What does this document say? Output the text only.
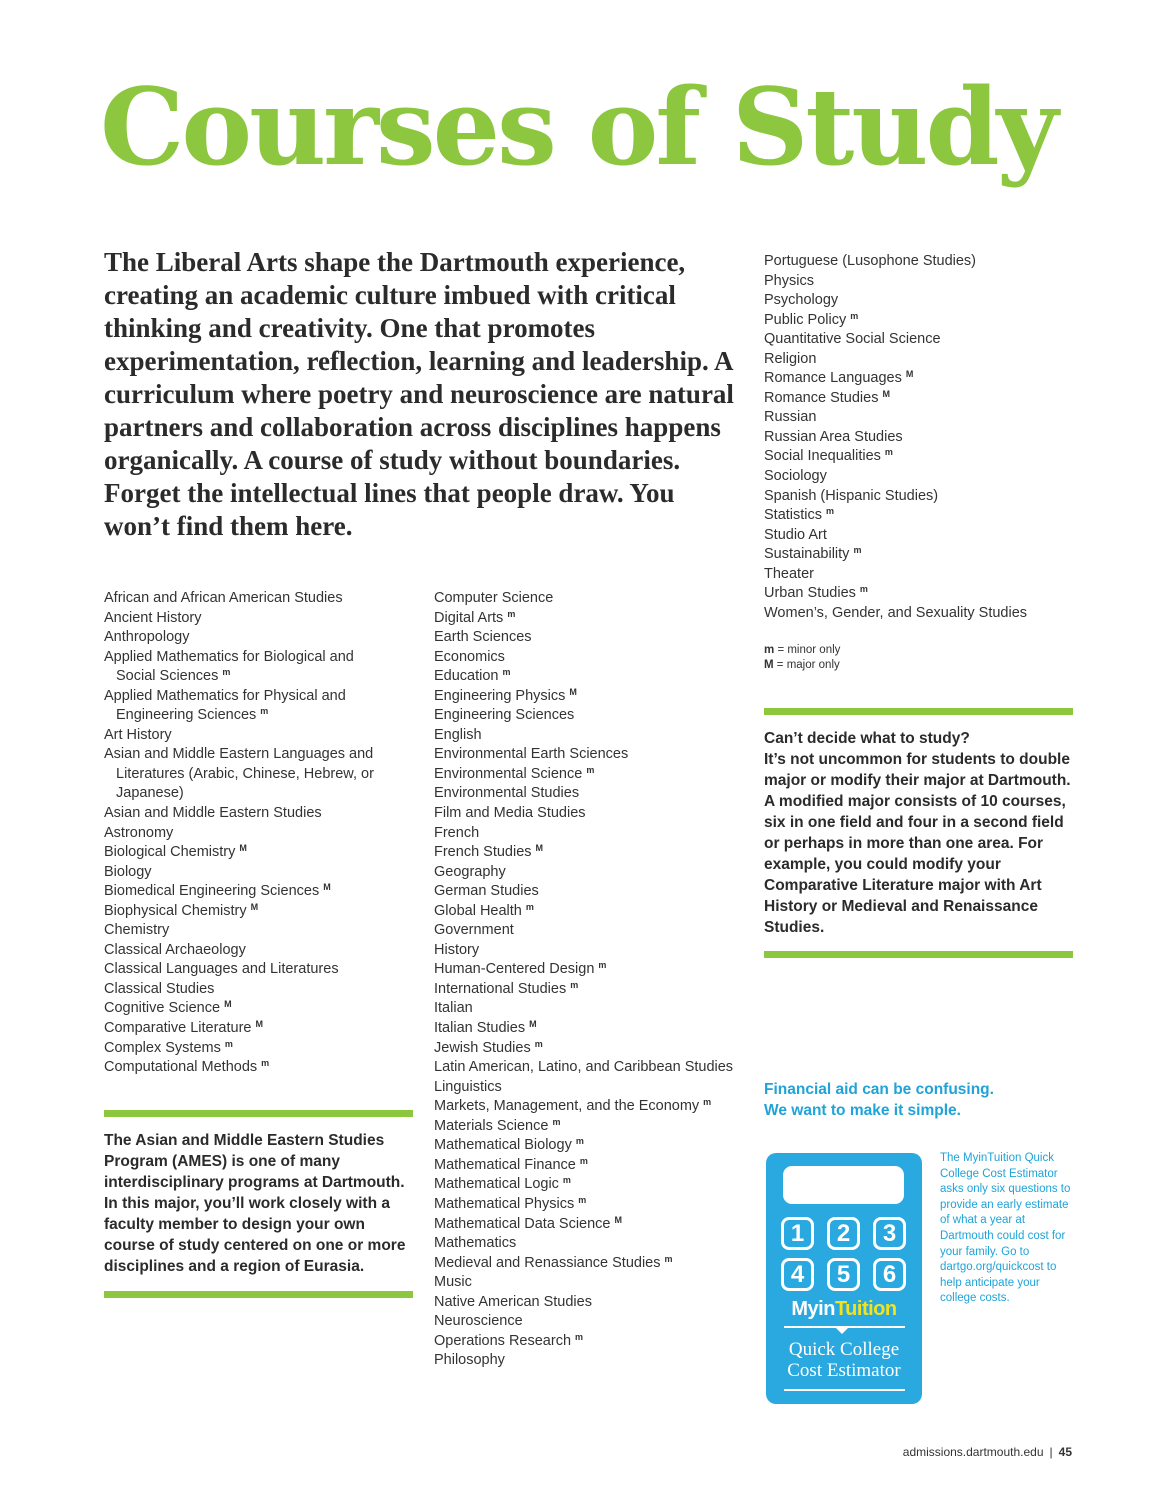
Courses of Study

The Liberal Arts shape the Dartmouth experience, creating an academic culture imbued with critical thinking and creativity. One that promotes experimentation, reflection, learning and leadership. A curriculum where poetry and neuroscience are natural partners and collaboration across disciplines happens organically. A course of study without boundaries. Forget the intellectual lines that people draw. You won’t find them here.

African and African American Studies
Ancient History
Anthropology
Applied Mathematics for Biological and
Social Sciences $^m$
Applied Mathematics for Physical and
Engineering Sciences $^m$
Art History
Asian and Middle Eastern Languages and
Literatures (Arabic, Chinese, Hebrew, or
Japanese)
Asian and Middle Eastern Studies
Astronomy
Biological Chemistry $^M$
Biology
Biomedical Engineering Sciences $^M$
Biophysical Chemistry $^M$
Chemistry
Classical Archaeology
Classical Languages and Literatures
Classical Studies
Cognitive Science $^M$
Comparative Literature $^M$
Complex Systems $^m$
Computational Methods $^m$
Computer Science
Digital Arts $^m$
Earth Sciences
Economics
Education $^m$
Engineering Physics $^M$
Engineering Sciences
English
Environmental Earth Sciences
Environmental Science $^m$
Environmental Studies
Film and Media Studies
French
French Studies $^M$
Geography
German Studies
Global Health $^m$
Government
History
Human-Centered Design $^m$
International Studies $^m$
Italian
Italian Studies $^M$
Jewish Studies $^m$
Latin American, Latino, and Caribbean Studies
Linguistics
Markets, Management, and the Economy $^m$
Materials Science $^m$
Mathematical Biology $^m$
Mathematical Finance $^m$
Mathematical Logic $^m$
Mathematical Physics $^m$
Mathematical Data Science $^M$
Mathematics
Medieval and Renassiance Studies $^m$
Music
Native American Studies
Neuroscience
Operations Research $^m$
Philosophy
Portuguese (Lusophone Studies)
Physics
Psychology
Public Policy $^m$
Quantitative Social Science
Religion
Romance Languages $^M$
Romance Studies $^M$
Russian
Russian Area Studies
Social Inequalities $^m$
Sociology
Spanish (Hispanic Studies)
Statistics $^m$
Studio Art
Sustainability $^m$
Theater
Urban Studies $^m$
Women’s, Gender, and Sexuality Studies
m = minor only
M = major only

The Asian and Middle Eastern Studies Program (AMES) is one of many interdisciplinary programs at Dartmouth. In this major, you’ll work closely with a faculty member to design your own course of study centered on one or more disciplines and a region of Eurasia.

Can’t decide what to study?
It’s not uncommon for students to double major or modify their major at Dartmouth. A modified major consists of 10 courses, six in one field and four in a second field or perhaps in more than one area. For example, you could modify your Comparative Literature major with Art History or Medieval and Renaissance Studies.
Financial aid can be confusing.
We want to make it simple.
1	2	3
4	5	6
MyinTuition
Quick College
Cost Estimator

The MyinTuition Quick College Cost Estimator asks only six questions to provide an early estimate of what a year at Dartmouth could cost for your family. Go to dartgo.org/quickcost to help anticipate your college costs.

admissions.dartmouth.edu | 45
